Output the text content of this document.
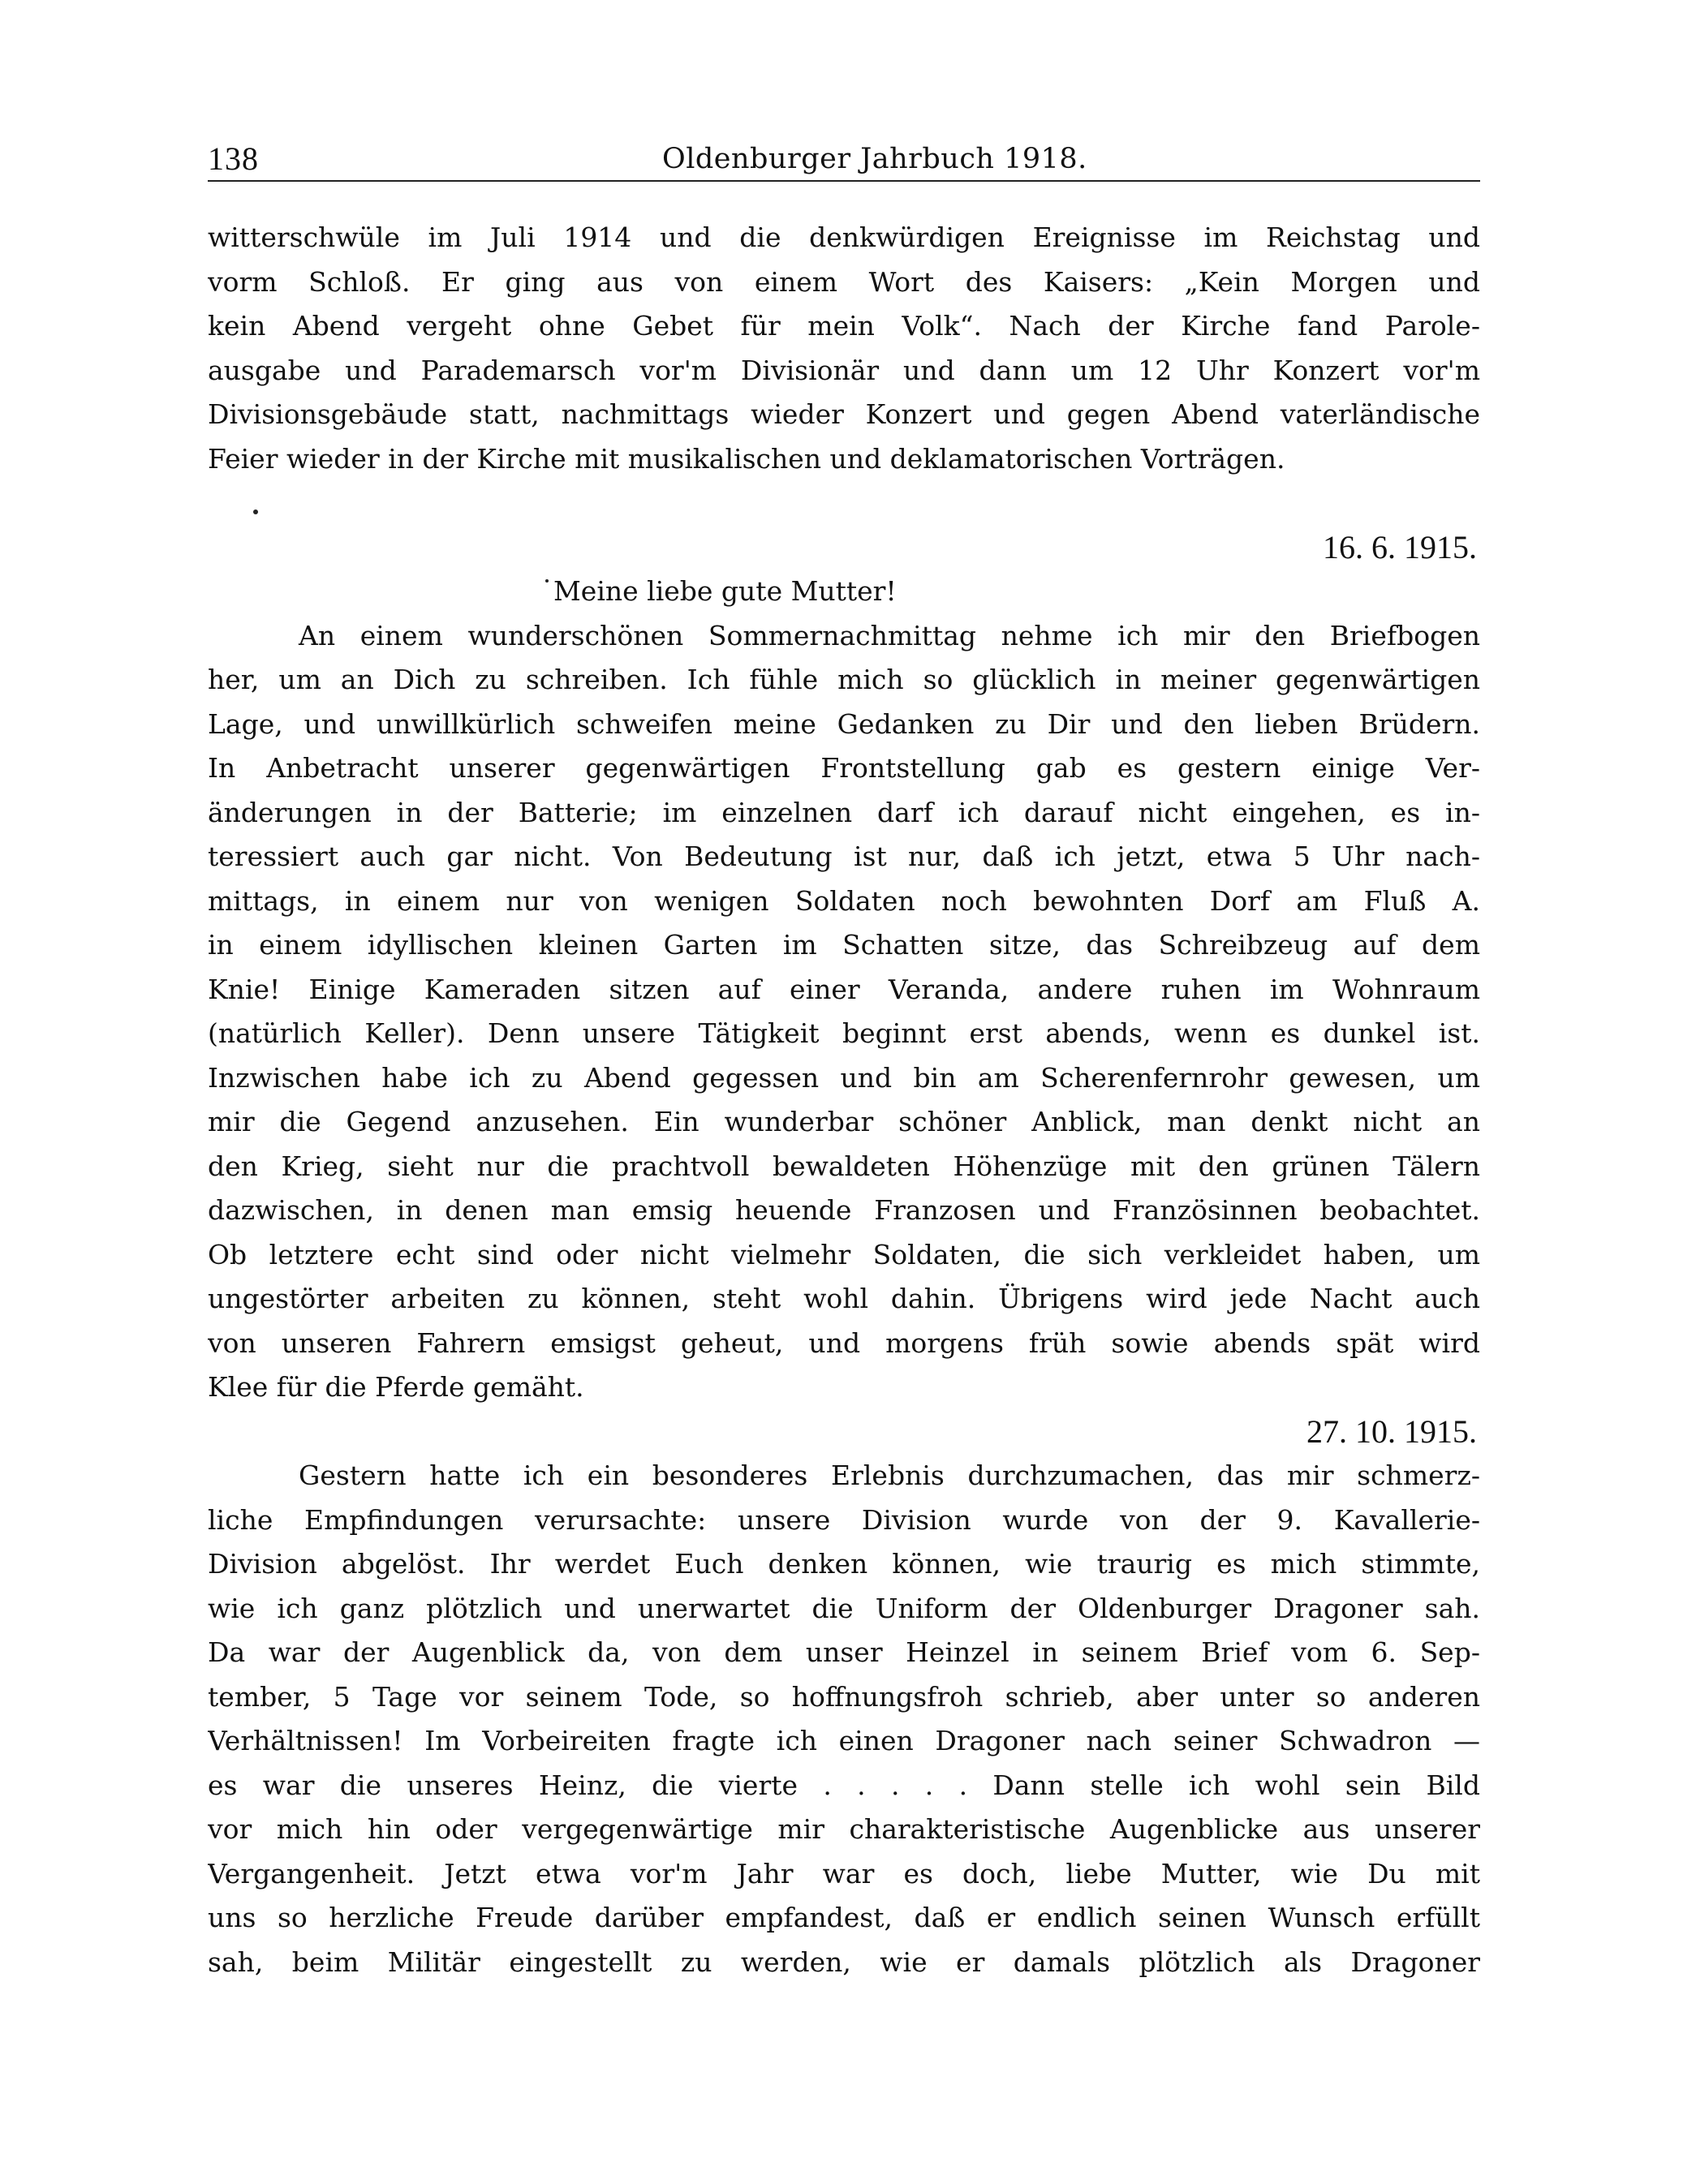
138	Oldenburger Jahrbuch 1918.
witterschwüle im Juli 1914 und die denkwürdigen Ereignisse im Reichstag und
vorm Schloß. Er ging aus von einem Wort des Kaisers: „Kein Morgen und
kein Abend vergeht ohne Gebet für mein Volk“. Nach der Kirche fand Parole-
ausgabe und Parademarsch vor'm Divisionär und dann um 12 Uhr Konzert vor'm
Divisionsgebäude statt, nachmittags wieder Konzert und gegen Abend vaterländische
Feier wieder in der Kirche mit musikalischen und deklamatorischen Vorträgen.
16. 6. 1915.
Meine liebe gute Mutter!
An einem wunderschönen Sommernachmittag nehme ich mir den Briefbogen
her, um an Dich zu schreiben. Ich fühle mich so glücklich in meiner gegenwärtigen
Lage, und unwillkürlich schweifen meine Gedanken zu Dir und den lieben Brüdern.
In Anbetracht unserer gegenwärtigen Frontstellung gab es gestern einige Ver-
änderungen in der Batterie; im einzelnen darf ich darauf nicht eingehen, es in-
teressiert auch gar nicht. Von Bedeutung ist nur, daß ich jetzt, etwa 5 Uhr nach-
mittags, in einem nur von wenigen Soldaten noch bewohnten Dorf am Fluß A.
in einem idyllischen kleinen Garten im Schatten sitze, das Schreibzeug auf dem
Knie! Einige Kameraden sitzen auf einer Veranda, andere ruhen im Wohnraum
(natürlich Keller). Denn unsere Tätigkeit beginnt erst abends, wenn es dunkel ist.
Inzwischen habe ich zu Abend gegessen und bin am Scherenfernrohr gewesen, um
mir die Gegend anzusehen. Ein wunderbar schöner Anblick, man denkt nicht an
den Krieg, sieht nur die prachtvoll bewaldeten Höhenzüge mit den grünen Tälern
dazwischen, in denen man emsig heuende Franzosen und Französinnen beobachtet.
Ob letztere echt sind oder nicht vielmehr Soldaten, die sich verkleidet haben, um
ungestörter arbeiten zu können, steht wohl dahin. Übrigens wird jede Nacht auch
von unseren Fahrern emsigst geheut, und morgens früh sowie abends spät wird
Klee für die Pferde gemäht.
27. 10. 1915.
Gestern hatte ich ein besonderes Erlebnis durchzumachen, das mir schmerz-
liche Empfindungen verursachte: unsere Division wurde von der 9. Kavallerie-
Division abgelöst. Ihr werdet Euch denken können, wie traurig es mich stimmte,
wie ich ganz plötzlich und unerwartet die Uniform der Oldenburger Dragoner sah.
Da war der Augenblick da, von dem unser Heinzel in seinem Brief vom 6. Sep-
tember, 5 Tage vor seinem Tode, so hoffnungsfroh schrieb, aber unter so anderen
Verhältnissen! Im Vorbeireiten fragte ich einen Dragoner nach seiner Schwadron —
es war die unseres Heinz, die vierte . . . . . Dann stelle ich wohl sein Bild
vor mich hin oder vergegenwärtige mir charakteristische Augenblicke aus unserer
Vergangenheit. Jetzt etwa vor'm Jahr war es doch, liebe Mutter, wie Du mit
uns so herzliche Freude darüber empfandest, daß er endlich seinen Wunsch erfüllt
sah, beim Militär eingestellt zu werden, wie er damals plötzlich als Dragoner
